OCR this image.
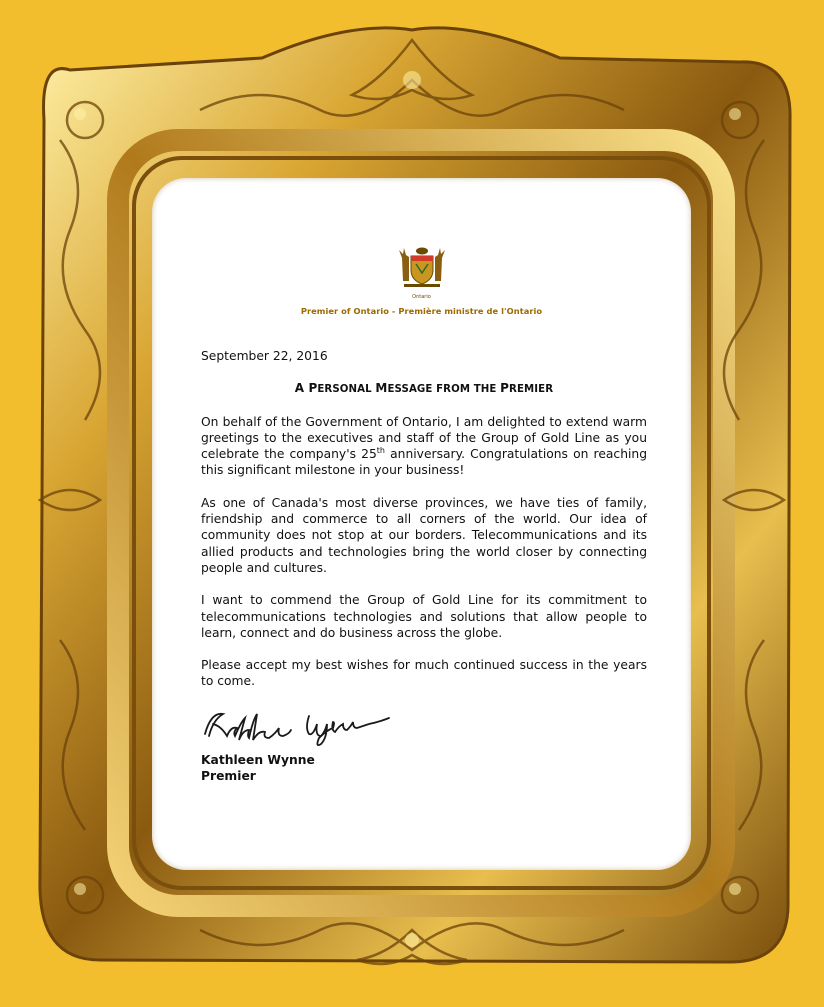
Ontario
Premier of Ontario - Première ministre de l'Ontario

September 22, 2016

A PERSONAL MESSAGE FROM THE PREMIER

On behalf of the Government of Ontario, I am delighted to extend warm greetings to the executives and staff of the Group of Gold Line as you celebrate the company's 25th anniversary. Congratulations on reaching this significant milestone in your business!

As one of Canada's most diverse provinces, we have ties of family, friendship and commerce to all corners of the world. Our idea of community does not stop at our borders. Telecommunications and its allied products and technologies bring the world closer by connecting people and cultures.

I want to commend the Group of Gold Line for its commitment to telecommunications technologies and solutions that allow people to learn, connect and do business across the globe.

Please accept my best wishes for much continued success in the years to come.

Kathleen Wynne

Premier
